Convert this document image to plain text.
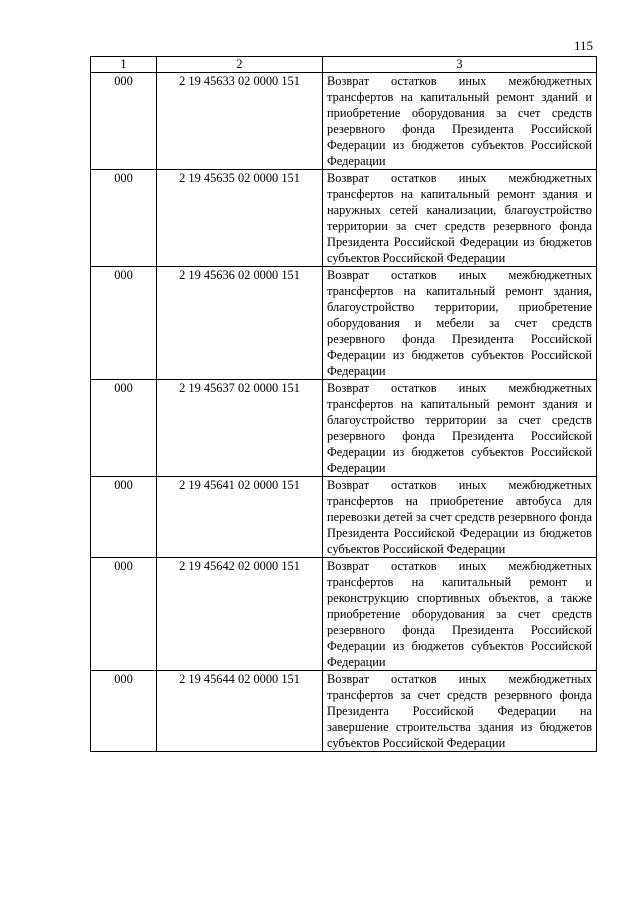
115
1	2	3
000	2 19 45633 02 0000 151	Возврат остатков иных межбюджетных трансфертов на капитальный ремонт зданий и приобретение оборудования за счет средств резервного фонда Президента Российской Федерации из бюджетов субъектов Российской Федерации
000	2 19 45635 02 0000 151	Возврат остатков иных межбюджетных трансфертов на капитальный ремонт здания и наружных сетей канализации, благоустройство территории за счет средств резервного фонда Президента Российской Федерации из бюджетов субъектов Российской Федерации
000	2 19 45636 02 0000 151	Возврат остатков иных межбюджетных трансфертов на капитальный ремонт здания, благоустройство территории, приобретение оборудования и мебели за счет средств резервного фонда Президента Российской Федерации из бюджетов субъектов Российской Федерации
000	2 19 45637 02 0000 151	Возврат остатков иных межбюджетных трансфертов на капитальный ремонт здания и благоустройство территории за счет средств резервного фонда Президента Российской Федерации из бюджетов субъектов Российской Федерации
000	2 19 45641 02 0000 151	Возврат остатков иных межбюджетных трансфертов на приобретение автобуса для перевозки детей за счет средств резервного фонда Президента Российской Федерации из бюджетов субъектов Российской Федерации
000	2 19 45642 02 0000 151	Возврат остатков иных межбюджетных трансфертов на капитальный ремонт и реконструкцию спортивных объектов, а также приобретение оборудования за счет средств резервного фонда Президента Российской Федерации из бюджетов субъектов Российской Федерации
000	2 19 45644 02 0000 151	Возврат остатков иных межбюджетных трансфертов за счет средств резервного фонда Президента Российской Федерации на завершение строительства здания из бюджетов субъектов Российской Федерации
